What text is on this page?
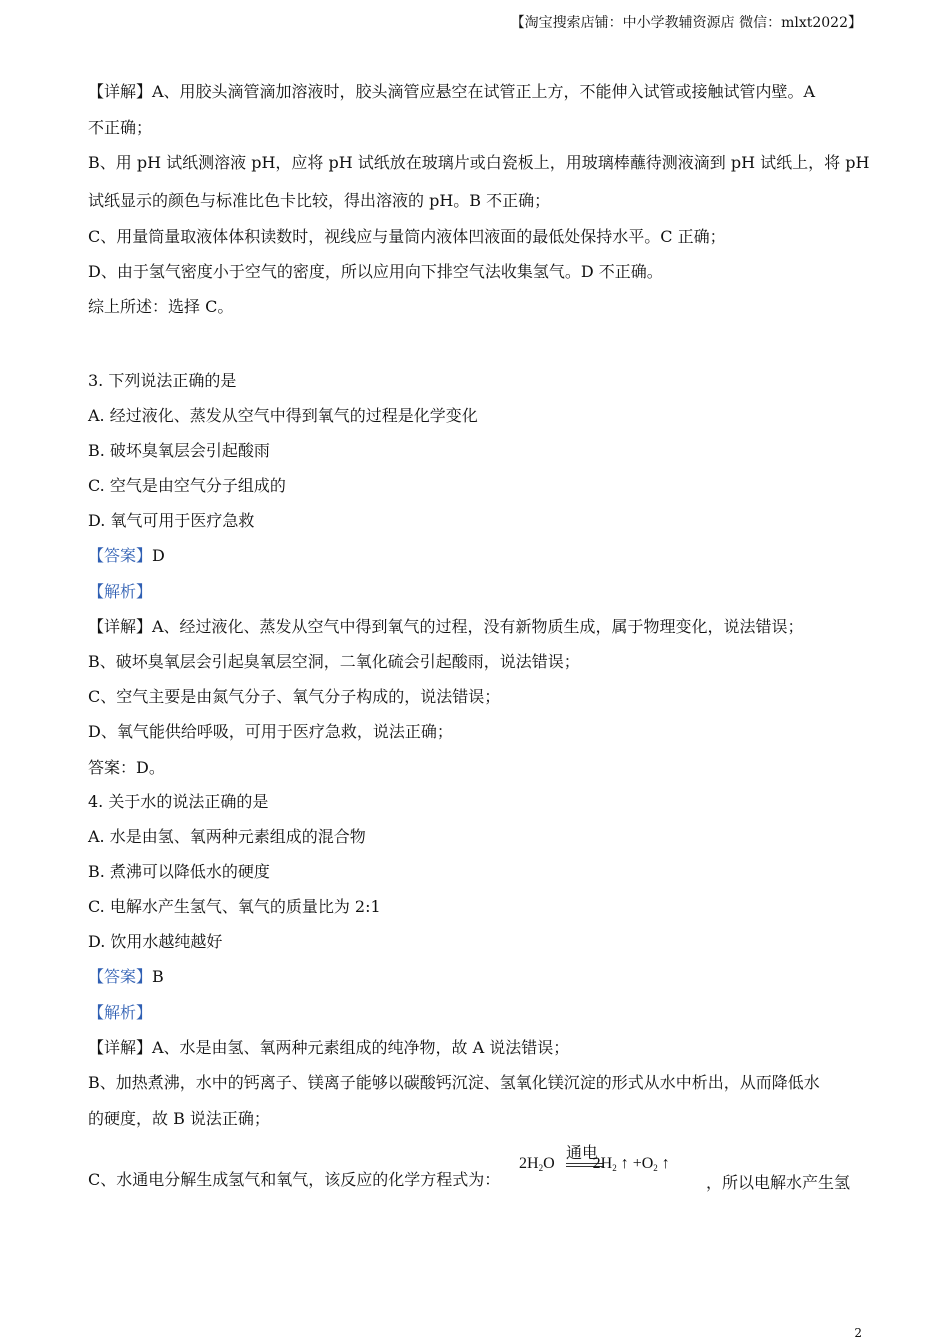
【淘宝搜索店铺：中小学教辅资源店 微信：mlxt2022】
【详解】A、用胶头滴管滴加溶液时，胶头滴管应悬空在试管正上方，不能伸入试管或接触试管内壁。A
不正确；
B、用 pH 试纸测溶液 pH，应将 pH 试纸放在玻璃片或白瓷板上，用玻璃棒蘸待测液滴到 pH 试纸上，将 pH
试纸显示的颜色与标准比色卡比较，得出溶液的 pH。B 不正确；
C、用量筒量取液体体积读数时，视线应与量筒内液体凹液面的最低处保持水平。C 正确；
D、由于氢气密度小于空气的密度，所以应用向下排空气法收集氢气。D 不正确。
综上所述：选择 C。
3. 下列说法正确的是
A. 经过液化、蒸发从空气中得到氧气的过程是化学变化
B. 破坏臭氧层会引起酸雨
C. 空气是由空气分子组成的
D. 氧气可用于医疗急救
【答案】D
【解析】
【详解】A、经过液化、蒸发从空气中得到氧气的过程，没有新物质生成，属于物理变化，说法错误；
B、破坏臭氧层会引起臭氧层空洞，二氧化硫会引起酸雨，说法错误；
C、空气主要是由氮气分子、氧气分子构成的，说法错误；
D、氧气能供给呼吸，可用于医疗急救，说法正确；
答案：D。
4. 关于水的说法正确的是
A. 水是由氢、氧两种元素组成的混合物
B. 煮沸可以降低水的硬度
C. 电解水产生氢气、氧气的质量比为 2:1
D. 饮用水越纯越好
【答案】B
【解析】
【详解】A、水是由氢、氧两种元素组成的纯净物，故 A 说法错误；
B、加热煮沸，水中的钙离子、镁离子能够以碳酸钙沉淀、氢氧化镁沉淀的形式从水中析出，从而降低水
的硬度，故 B 说法正确；
C、水通电分解生成氢气和氧气，该反应的化学方程式为：
通电
$2H_2O$ $2H_2$ ↑ $+O_2$ ↑
，所以电解水产生氢
2
